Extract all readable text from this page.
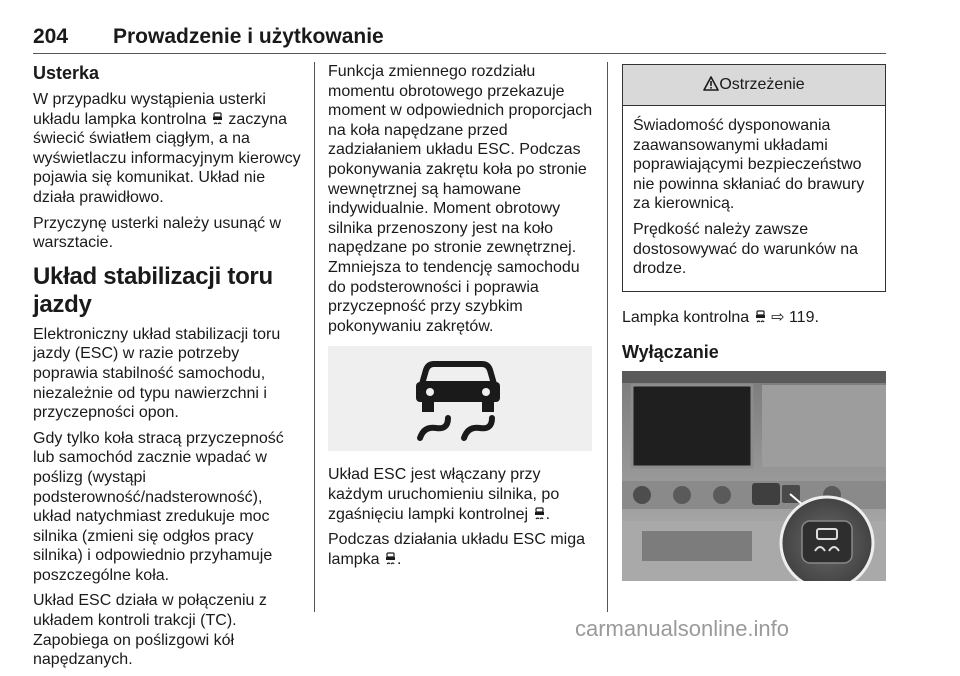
204 Prowadzenie i użytkowanie
Usterka

W przypadku wystąpienia usterki układu lampka kontrolna zaczyna świecić światłem ciągłym, a na wyświetlaczu informacyjnym kierowcy pojawia się komunikat. Układ nie działa prawidłowo.

Przyczynę usterki należy usunąć w warsztacie.

Układ stabilizacji toru jazdy

Elektroniczny układ stabilizacji toru jazdy (ESC) w razie potrzeby poprawia stabilność samochodu, niezależnie od typu nawierzchni i przyczepności opon.

Gdy tylko koła stracą przyczepność lub samochód zacznie wpadać w poślizg (wystąpi podsterowność/nadsterowność), układ natychmiast zredukuje moc silnika (zmieni się odgłos pracy silnika) i odpowiednio przyhamuje poszczególne koła.

Układ ESC działa w połączeniu z układem kontroli trakcji (TC). Zapobiega on poślizgowi kół napędzanych.

Funkcja zmiennego rozdziału momentu obrotowego przekazuje moment w odpowiednich proporcjach na koła napędzane przed zadziałaniem układu ESC. Podczas pokonywania zakrętu koła po stronie wewnętrznej są hamowane indywidualnie. Moment obrotowy silnika przenoszony jest na koło napędzane po stronie zewnętrznej. Zmniejsza to tendencję samochodu do podsterowności i poprawia przyczepność przy szybkim pokonywaniu zakrętów.

Układ ESC jest włączany przy każdym uruchomieniu silnika, po zgaśnięciu lampki kontrolnej .

Podczas działania układu ESC miga lampka .

Ostrzeżenie

Świadomość dysponowania zaawansowanymi układami poprawiającymi bezpieczeństwo nie powinna skłaniać do brawury za kierownicą.

Prędkość należy zawsze dostosowywać do warunków na drodze.

Lampka kontrolna ⇨ 119.

Wyłączanie
carmanualsonline.info
